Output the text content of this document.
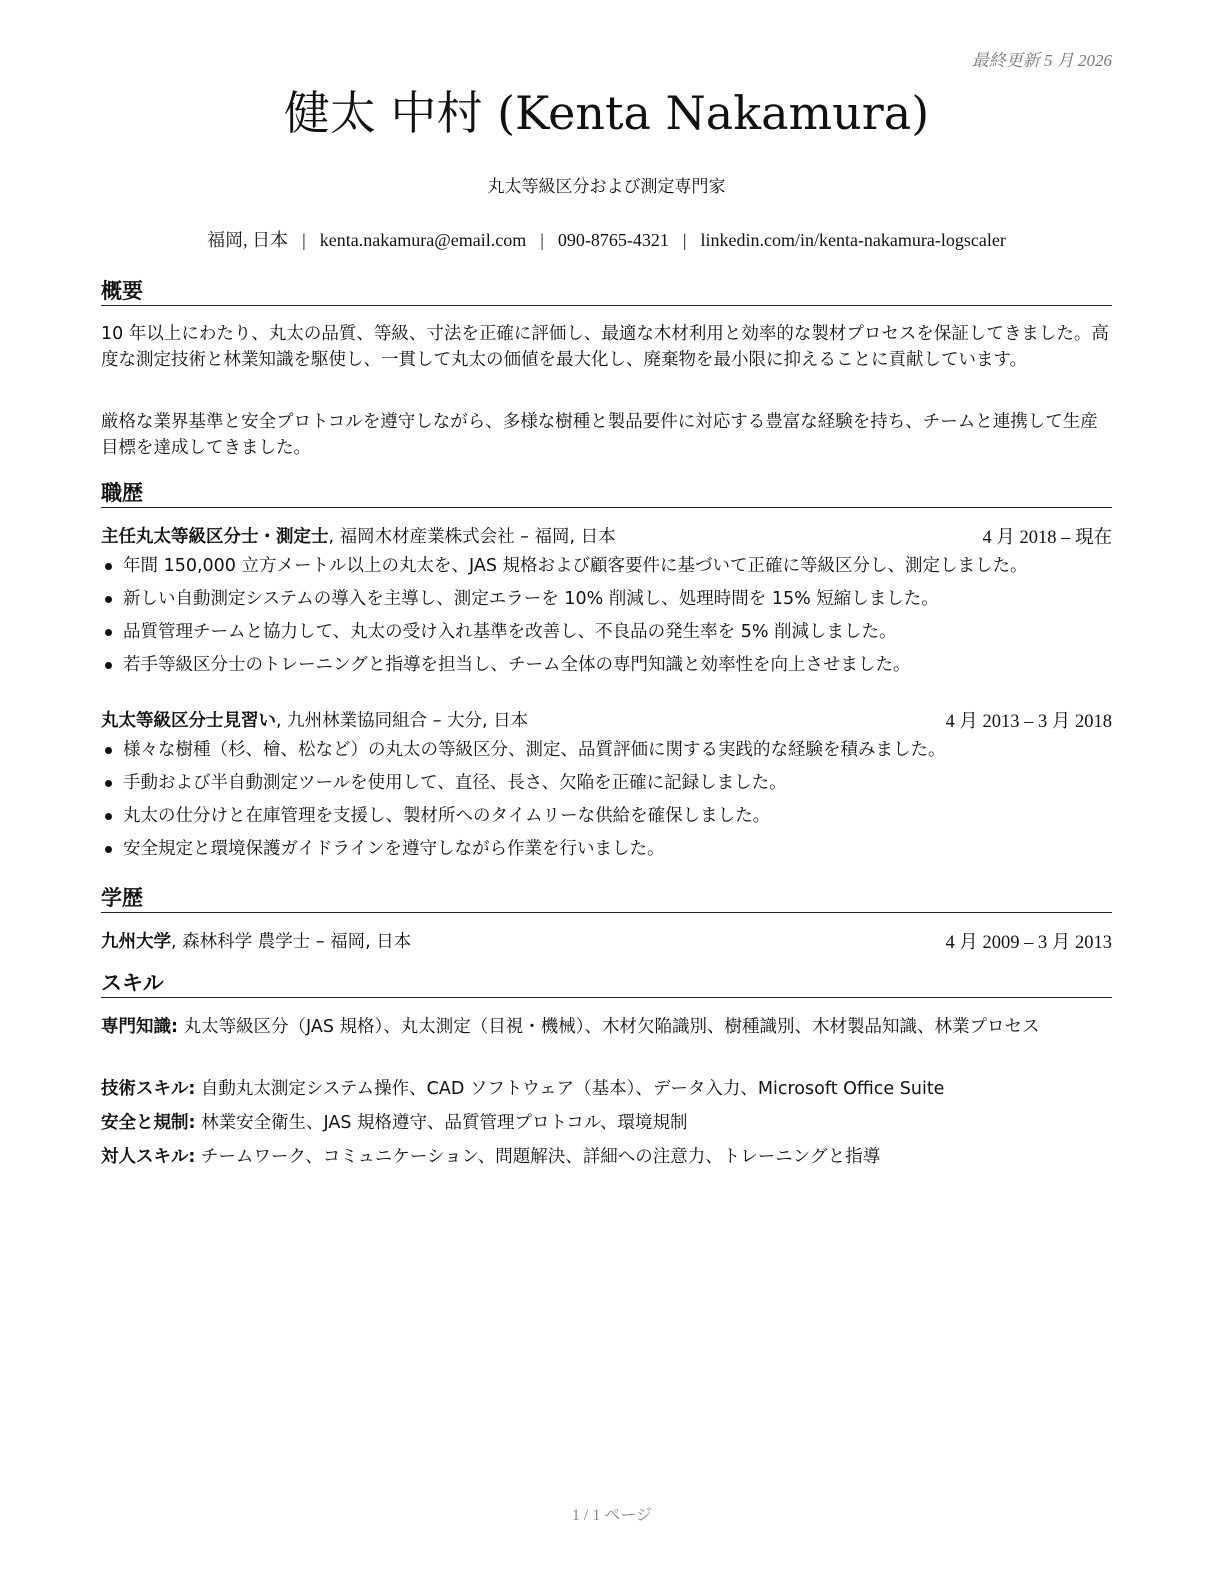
最終更新 5 月 2026
健太 中村 (Kenta Nakamura)
丸太等級区分および測定専門家
福岡, 日本 | kenta.nakamura@email.com | 090-8765-4321 | linkedin.com/in/kenta-nakamura-logscaler
概要
10 年以上にわたり、丸太の品質、等級、寸法を正確に評価し、最適な木材利用と効率的な製材プロセスを保証してきました。高度な測定技術と林業知識を駆使し、一貫して丸太の価値を最大化し、廃棄物を最小限に抑えることに貢献しています。
厳格な業界基準と安全プロトコルを遵守しながら、多様な樹種と製品要件に対応する豊富な経験を持ち、チームと連携して生産目標を達成してきました。
職歴
主任丸太等級区分士・測定士, 福岡木材産業株式会社 – 福岡, 日本	4 月 2018 – 現在
年間 150,000 立方メートル以上の丸太を、JAS 規格および顧客要件に基づいて正確に等級区分し、測定しました。
新しい自動測定システムの導入を主導し、測定エラーを 10% 削減し、処理時間を 15% 短縮しました。
品質管理チームと協力して、丸太の受け入れ基準を改善し、不良品の発生率を 5% 削減しました。
若手等級区分士のトレーニングと指導を担当し、チーム全体の専門知識と効率性を向上させました。
丸太等級区分士見習い, 九州林業協同組合 – 大分, 日本	4 月 2013 – 3 月 2018
様々な樹種（杉、檜、松など）の丸太の等級区分、測定、品質評価に関する実践的な経験を積みました。
手動および半自動測定ツールを使用して、直径、長さ、欠陥を正確に記録しました。
丸太の仕分けと在庫管理を支援し、製材所へのタイムリーな供給を確保しました。
安全規定と環境保護ガイドラインを遵守しながら作業を行いました。
学歴
九州大学, 森林科学 農学士 – 福岡, 日本	4 月 2009 – 3 月 2013
スキル
専門知識: 丸太等級区分（JAS 規格）、丸太測定（目視・機械）、木材欠陥識別、樹種識別、木材製品知識、林業プロセス
技術スキル: 自動丸太測定システム操作、CAD ソフトウェア（基本）、データ入力、Microsoft Office Suite
安全と規制: 林業安全衛生、JAS 規格遵守、品質管理プロトコル、環境規制
対人スキル: チームワーク、コミュニケーション、問題解決、詳細への注意力、トレーニングと指導
1 / 1 ページ
